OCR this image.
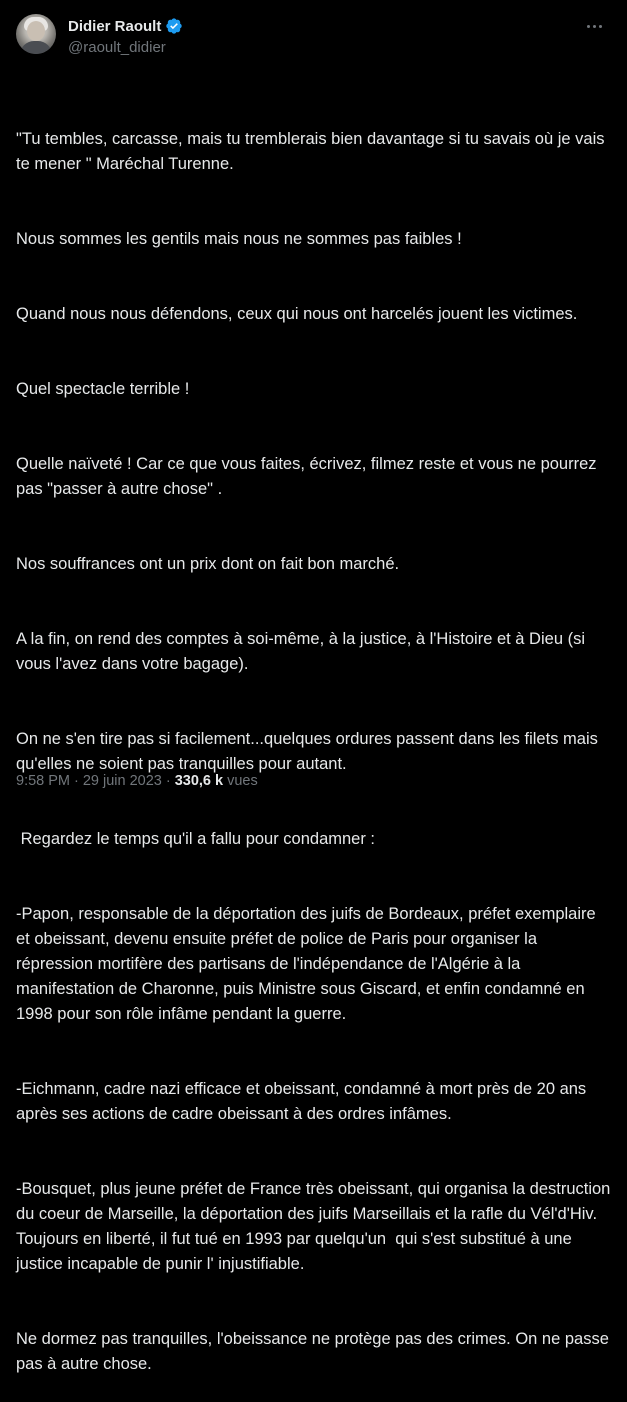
Didier Raoult
@raoult_didier

"Tu tembles, carcasse, mais tu tremblerais bien davantage si tu savais où je vais te mener " Maréchal Turenne.

Nous sommes les gentils mais nous ne sommes pas faibles !

Quand nous nous défendons, ceux qui nous ont harcelés jouent les victimes.

Quel spectacle terrible !

Quelle naïveté ! Car ce que vous faites, écrivez, filmez reste et vous ne pourrez pas "passer à autre chose" .

Nos souffrances ont un prix dont on fait bon marché.

A la fin, on rend des comptes à soi-même, à la justice, à l'Histoire et à Dieu (si vous l'avez dans votre bagage).

On ne s'en tire pas si facilement...quelques ordures passent dans les filets mais qu'elles ne soient pas tranquilles pour autant.

Regardez le temps qu'il a fallu pour condamner :

-Papon, responsable de la déportation des juifs de Bordeaux, préfet exemplaire et obeissant, devenu ensuite préfet de police de Paris pour organiser la répression mortifère des partisans de l'indépendance de l'Algérie à la manifestation de Charonne, puis Ministre sous Giscard, et enfin condamné en 1998 pour son rôle infâme pendant la guerre.

-Eichmann, cadre nazi efficace et obeissant, condamné à mort près de 20 ans après ses actions de cadre obeissant à des ordres infâmes.

-Bousquet, plus jeune préfet de France très obeissant, qui organisa la destruction du coeur de Marseille, la déportation des juifs Marseillais et la rafle du Vél'd'Hiv. Toujours en liberté, il fut tué en 1993 par quelqu'un  qui s'est substitué à une justice incapable de punir l' injustifiable.

Ne dormez pas tranquilles, l'obeissance ne protège pas des crimes. On ne passe pas à autre chose.

9:58 PM · 29 juin 2023 · 330,6 k vues
